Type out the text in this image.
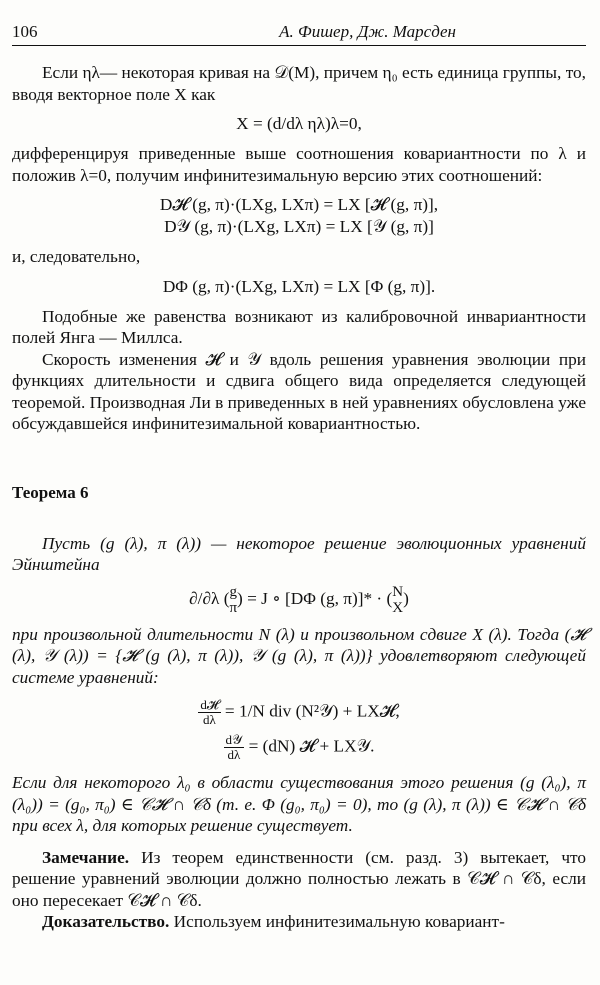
106	А. Фишер, Дж. Марсден

Если ηλ— некоторая кривая на 𝒟(M), причем η₀ есть единица группы, то, вводя векторное поле X как

X = (d/dλ ηλ)λ=0,

дифференцируя приведенные выше соотношения ковариантности по λ и положив λ=0, получим инфинитезимальную версию этих соотношений:

D𝓗 (g, π)·(LXg, LXπ) = LX [𝓗 (g, π)],
D𝒴 (g, π)·(LXg, LXπ) = LX [𝒴 (g, π)]

и, следовательно,

DΦ (g, π)·(LXg, LXπ) = LX [Φ (g, π)].

Подобные же равенства возникают из калибровочной инвариантности полей Янга — Миллса.

Скорость изменения 𝓗 и 𝒴 вдоль решения уравнения эволюции при функциях длительности и сдвига общего вида определяется следующей теоремой. Производная Ли в приведенных в ней уравнениях обусловлена уже обсуждавшейся инфинитезимальной ковариантностью.

Теорема 6

Пусть (g (λ), π (λ)) — некоторое решение эволюционных уравнений Эйнштейна

∂/∂λ ( g
π
) = J ∘ [DΦ (g, π)]* · ( N
X
)

при произвольной длительности N (λ) и произвольном сдвиге X (λ). Тогда (𝓗 (λ), 𝒴 (λ)) = {𝓗 (g (λ), π (λ)), 𝒴 (g (λ), π (λ))} удовлетворяют следующей системе уравнений:

$\frac{\text{d𝓗}}{d\lambda} = 1/N$ div (N²𝒴) + LX𝓗,
$\frac{\text{d𝒴}}{d\lambda} = (dN)$ 𝓗 + LX𝒴.

Если для некоторого λ₀ в области существования этого решения (g (λ₀), π (λ₀)) = (g₀, π₀) ∈ 𝒞𝓗 ∩ 𝒞δ (т. е. Φ (g₀, π₀) = 0), то (g (λ), π (λ)) ∈ 𝒞𝓗 ∩ 𝒞δ при всех λ, для которых решение существует.

Замечание. Из теорем единственности (см. разд. 3) вытекает, что решение уравнений эволюции должно полностью лежать в 𝒞𝓗 ∩ 𝒞δ, если оно пересекает 𝒞𝓗 ∩ 𝒞δ.

Доказательство. Используем инфинитезимальную ковариант-
